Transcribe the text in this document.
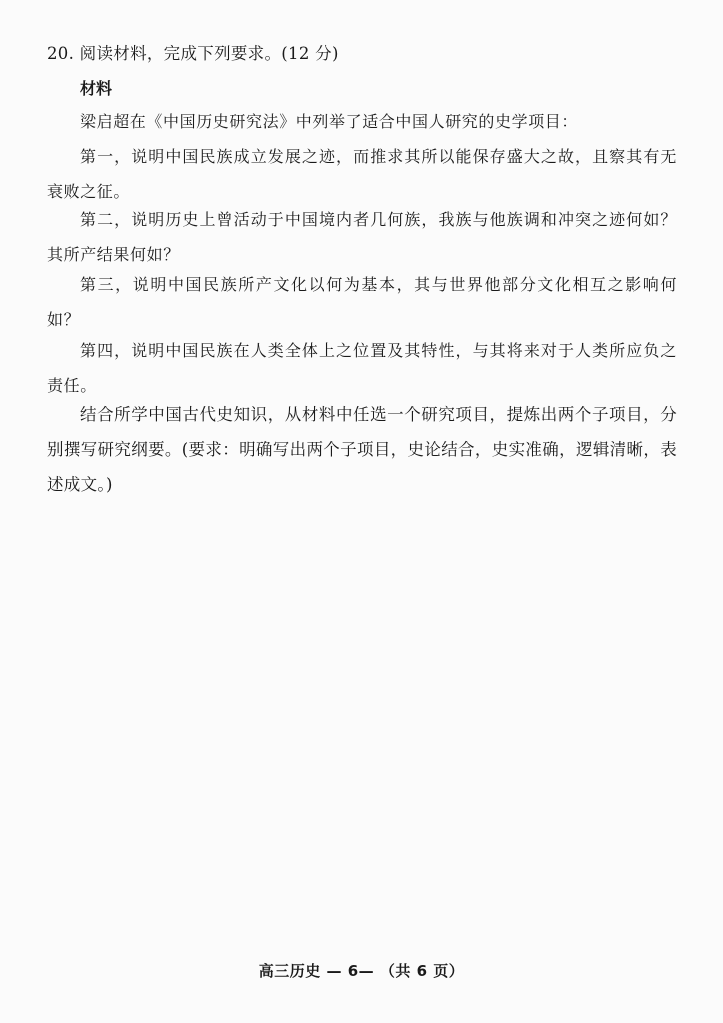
20. 阅读材料，完成下列要求。(12 分)
材料
梁启超在《中国历史研究法》中列举了适合中国人研究的史学项目：
第一，说明中国民族成立发展之迹，而推求其所以能保存盛大之故，且察其有无衰败之征。
第二，说明历史上曾活动于中国境内者几何族，我族与他族调和冲突之迹何如？其所产结果何如？
第三，说明中国民族所产文化以何为基本，其与世界他部分文化相互之影响何如？
第四，说明中国民族在人类全体上之位置及其特性，与其将来对于人类所应负之责任。
结合所学中国古代史知识，从材料中任选一个研究项目，提炼出两个子项目，分别撰写研究纲要。(要求：明确写出两个子项目，史论结合，史实准确，逻辑清晰，表述成文。)
高三历史 — 6— （共 6 页）
